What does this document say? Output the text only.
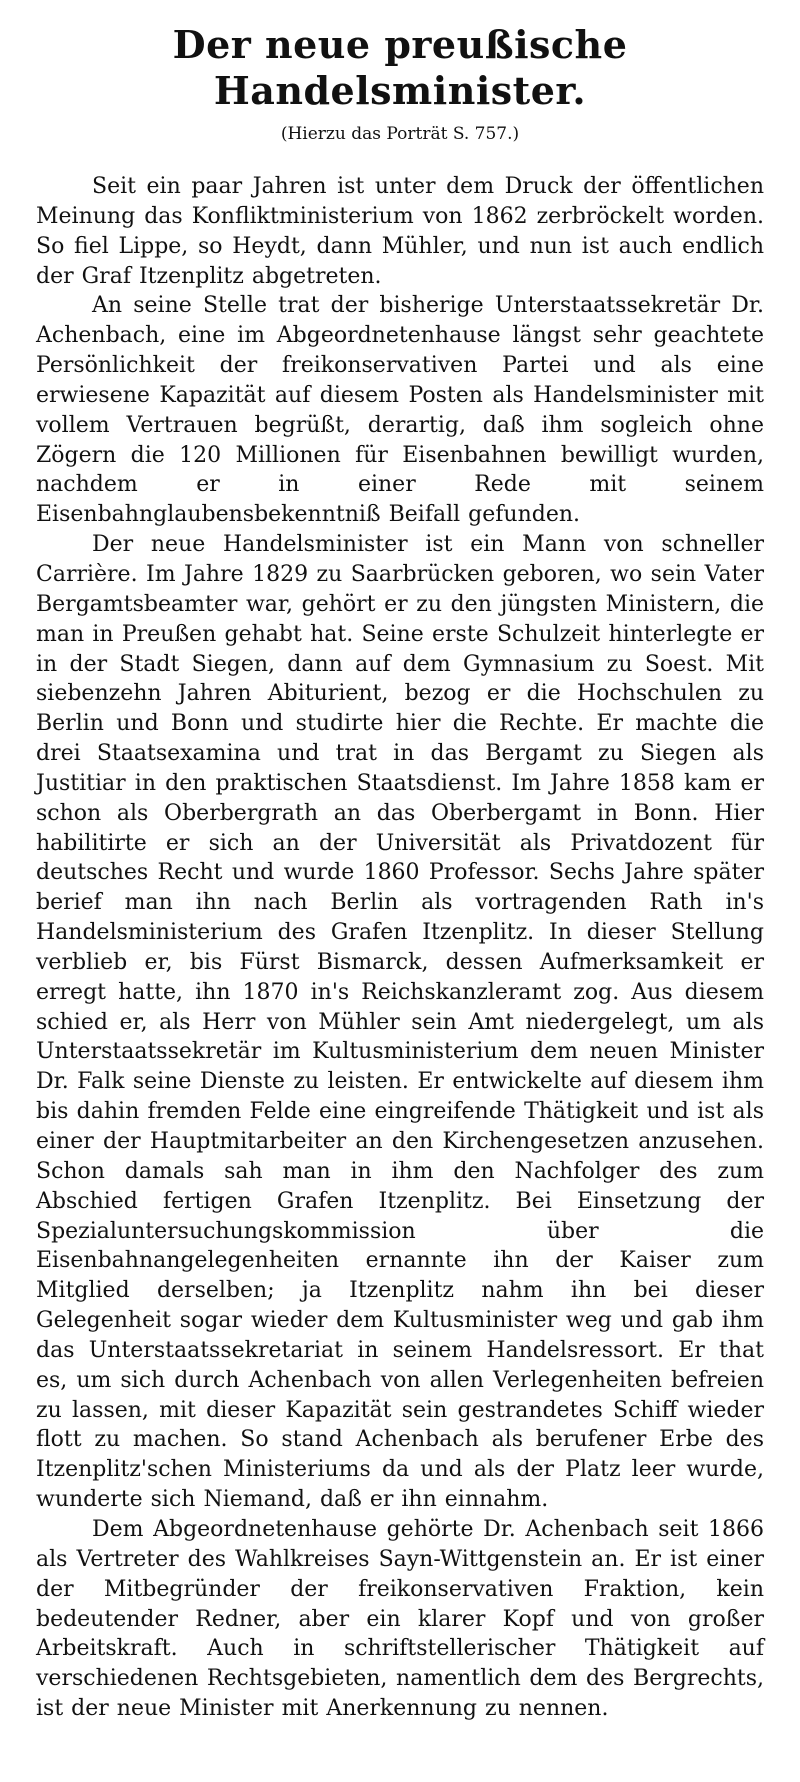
Der neue preußische Handelsminister.
(Hierzu das Porträt S. 757.)

Seit ein paar Jahren ist unter dem Druck der öffentlichen Meinung das Konfliktministerium von 1862 zerbröckelt worden. So fiel Lippe, so Heydt, dann Mühler, und nun ist auch endlich der Graf Itzenplitz abgetreten.

An seine Stelle trat der bisherige Unterstaatssekretär Dr. Achenbach, eine im Abgeordnetenhause längst sehr geachtete Persönlichkeit der freikonservativen Partei und als eine erwiesene Kapazität auf diesem Posten als Handelsminister mit vollem Vertrauen begrüßt, derartig, daß ihm sogleich ohne Zögern die 120 Millionen für Eisenbahnen bewilligt wurden, nachdem er in einer Rede mit seinem Eisenbahnglaubensbekenntniß Beifall gefunden.

Der neue Handelsminister ist ein Mann von schneller Carrière. Im Jahre 1829 zu Saarbrücken geboren, wo sein Vater Bergamtsbeamter war, gehört er zu den jüngsten Ministern, die man in Preußen gehabt hat. Seine erste Schulzeit hinterlegte er in der Stadt Siegen, dann auf dem Gymnasium zu Soest. Mit siebenzehn Jahren Abiturient, bezog er die Hochschulen zu Berlin und Bonn und studirte hier die Rechte. Er machte die drei Staatsexamina und trat in das Bergamt zu Siegen als Justitiar in den praktischen Staatsdienst. Im Jahre 1858 kam er schon als Oberbergrath an das Oberbergamt in Bonn. Hier habilitirte er sich an der Universität als Privatdozent für deutsches Recht und wurde 1860 Professor. Sechs Jahre später berief man ihn nach Berlin als vortragenden Rath in's Handelsministerium des Grafen Itzenplitz. In dieser Stellung verblieb er, bis Fürst Bismarck, dessen Aufmerksamkeit er erregt hatte, ihn 1870 in's Reichskanzleramt zog. Aus diesem schied er, als Herr von Mühler sein Amt niedergelegt, um als Unterstaatssekretär im Kultusministerium dem neuen Minister Dr. Falk seine Dienste zu leisten. Er entwickelte auf diesem ihm bis dahin fremden Felde eine eingreifende Thätigkeit und ist als einer der Hauptmitarbeiter an den Kirchengesetzen anzusehen. Schon damals sah man in ihm den Nachfolger des zum Abschied fertigen Grafen Itzenplitz. Bei Einsetzung der Spezialuntersuchungskommission über die Eisenbahnangelegenheiten ernannte ihn der Kaiser zum Mitglied derselben; ja Itzenplitz nahm ihn bei dieser Gelegenheit sogar wieder dem Kultusminister weg und gab ihm das Unterstaatssekretariat in seinem Handelsressort. Er that es, um sich durch Achenbach von allen Verlegenheiten befreien zu lassen, mit dieser Kapazität sein gestrandetes Schiff wieder flott zu machen. So stand Achenbach als berufener Erbe des Itzenplitz'schen Ministeriums da und als der Platz leer wurde, wunderte sich Niemand, daß er ihn einnahm.

Dem Abgeordnetenhause gehörte Dr. Achenbach seit 1866 als Vertreter des Wahlkreises Sayn-Wittgenstein an. Er ist einer der Mitbegründer der freikonservativen Fraktion, kein bedeutender Redner, aber ein klarer Kopf und von großer Arbeitskraft. Auch in schriftstellerischer Thätigkeit auf verschiedenen Rechtsgebieten, namentlich dem des Bergrechts, ist der neue Minister mit Anerkennung zu nennen.
